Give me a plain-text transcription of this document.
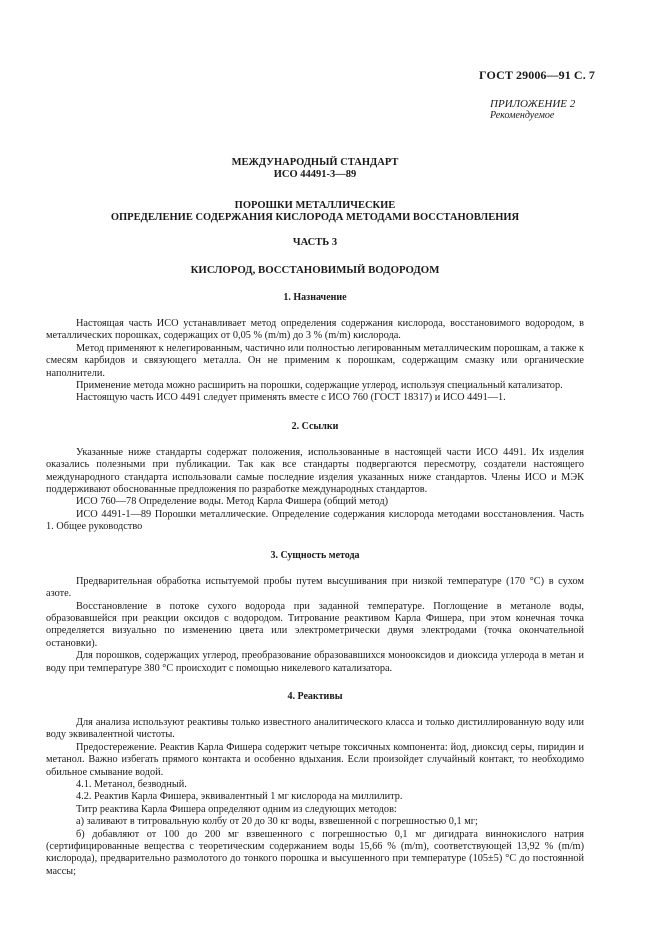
ГОСТ 29006—91 С. 7
ПРИЛОЖЕНИЕ 2
Рекомендуемое
МЕЖДУНАРОДНЫЙ СТАНДАРТ
ИСО 44491-3—89
ПОРОШКИ МЕТАЛЛИЧЕСКИЕ
ОПРЕДЕЛЕНИЕ СОДЕРЖАНИЯ КИСЛОРОДА МЕТОДАМИ ВОССТАНОВЛЕНИЯ
ЧАСТЬ 3
КИСЛОРОД, ВОССТАНОВИМЫЙ ВОДОРОДОМ
1. Назначение

Настоящая часть ИСО устанавливает метод определения содержания кислорода, восстановимого водородом, в металлических порошках, содержащих от 0,05 % (m/m) до 3 % (m/m) кислорода.

Метод применяют к нелегированным, частично или полностью легированным металлическим порошкам, а также к смесям карбидов и связующего металла. Он не применим к порошкам, содержащим смазку или органические наполнители.

Применение метода можно расширить на порошки, содержащие углерод, используя специальный катализатор.

Настоящую часть ИСО 4491 следует применять вместе с ИСО 760 (ГОСТ 18317) и ИСО 4491—1.

2. Ссылки

Указанные ниже стандарты содержат положения, использованные в настоящей части ИСО 4491. Их изделия оказались полезными при публикации. Так как все стандарты подвергаются пересмотру, создатели настоящего международного стандарта использовали самые последние изделия указанных ниже стандартов. Члены ИСО и МЭК поддерживают обоснованные предложения по разработке международных стандартов.

ИСО 760—78 Определение воды. Метод Карла Фишера (общий метод)

ИСО 4491-1—89 Порошки металлические. Определение содержания кислорода методами восстановления. Часть 1. Общее руководство

3. Сущность метода

Предварительная обработка испытуемой пробы путем высушивания при низкой температуре (170 °С) в сухом азоте.

Восстановление в потоке сухого водорода при заданной температуре. Поглощение в метаноле воды, образовавшейся при реакции оксидов с водородом. Титрование реактивом Карла Фишера, при этом конечная точка определяется визуально по изменению цвета или электрометрически двумя электродами (точка окончательной остановки).

Для порошков, содержащих углерод, преобразование образовавшихся монооксидов и диоксида углерода в метан и воду при температуре 380 °С происходит с помощью никелевого катализатора.

4. Реактивы

Для анализа используют реактивы только известного аналитического класса и только дистиллированную воду или воду эквивалентной чистоты.

Предостережение. Реактив Карла Фишера содержит четыре токсичных компонента: йод, диоксид серы, пиридин и метанол. Важно избегать прямого контакта и особенно вдыхания. Если произойдет случайный контакт, то необходимо обильное смывание водой.

4.1. Метанол, безводный.

4.2. Реактив Карла Фишера, эквивалентный 1 мг кислорода на миллилитр.

Титр реактива Карла Фишера определяют одним из следующих методов:

а) заливают в титровальную колбу от 20 до 30 кг воды, взвешенной с погрешностью 0,1 мг;

б) добавляют от 100 до 200 мг взвешенного с погрешностью 0,1 мг дигидрата виннокислого натрия (сертифицированные вещества с теоретическим содержанием воды 15,66 % (m/m), соответствующей 13,92 % (m/m) кислорода), предварительно размолотого до тонкого порошка и высушенного при температуре (105±5) °С до постоянной массы;
